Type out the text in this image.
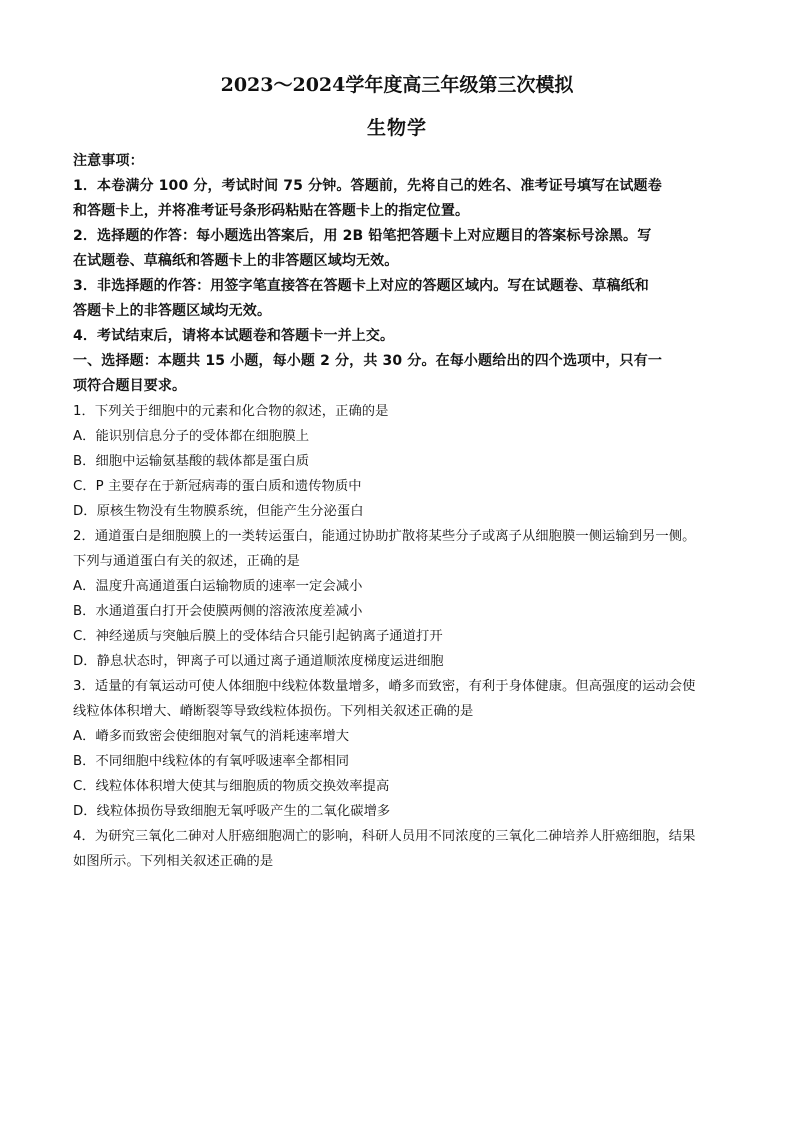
2023～2024学年度高三年级第三次模拟
生物学
注意事项：
1．本卷满分 100 分，考试时间 75 分钟。答题前，先将自己的姓名、准考证号填写在试题卷
和答题卡上，并将准考证号条形码粘贴在答题卡上的指定位置。
2．选择题的作答：每小题选出答案后，用 2B 铅笔把答题卡上对应题目的答案标号涂黑。写
在试题卷、草稿纸和答题卡上的非答题区域均无效。
3．非选择题的作答：用签字笔直接答在答题卡上对应的答题区域内。写在试题卷、草稿纸和
答题卡上的非答题区域均无效。
4．考试结束后，请将本试题卷和答题卡一并上交。
一、选择题：本题共 15 小题，每小题 2 分，共 30 分。在每小题给出的四个选项中，只有一
项符合题目要求。
1．下列关于细胞中的元素和化合物的叙述，正确的是
A．能识别信息分子的受体都在细胞膜上
B．细胞中运输氨基酸的载体都是蛋白质
C．P 主要存在于新冠病毒的蛋白质和遗传物质中
D．原核生物没有生物膜系统，但能产生分泌蛋白
2．通道蛋白是细胞膜上的一类转运蛋白，能通过协助扩散将某些分子或离子从细胞膜一侧运输到另一侧。
下列与通道蛋白有关的叙述，正确的是
A．温度升高通道蛋白运输物质的速率一定会减小
B．水通道蛋白打开会使膜两侧的溶液浓度差减小
C．神经递质与突触后膜上的受体结合只能引起钠离子通道打开
D．静息状态时，钾离子可以通过离子通道顺浓度梯度运进细胞
3．适量的有氧运动可使人体细胞中线粒体数量增多，嵴多而致密，有利于身体健康。但高强度的运动会使
线粒体体积增大、嵴断裂等导致线粒体损伤。下列相关叙述正确的是
A．嵴多而致密会使细胞对氧气的消耗速率增大
B．不同细胞中线粒体的有氧呼吸速率全都相同
C．线粒体体积增大使其与细胞质的物质交换效率提高
D．线粒体损伤导致细胞无氧呼吸产生的二氧化碳增多
4．为研究三氧化二砷对人肝癌细胞凋亡的影响，科研人员用不同浓度的三氧化二砷培养人肝癌细胞，结果
如图所示。下列相关叙述正确的是
